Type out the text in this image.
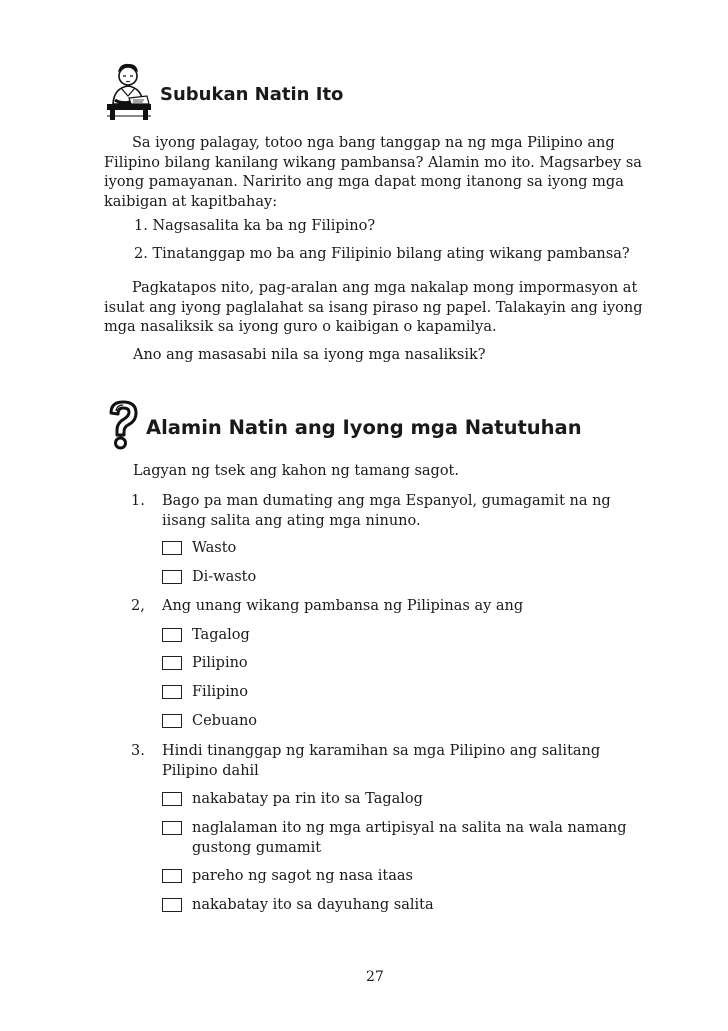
Subukan Natin Ito

Sa iyong palagay, totoo nga bang tanggap na ng mga Pilipino ang Filipino bilang kanilang wikang pambansa? Alamin mo ito. Magsarbey sa iyong pamayanan. Naririto ang mga dapat mong itanong sa iyong mga kaibigan at kapitbahay:

1. Nagsasalita ka ba ng Filipino?
2. Tinatanggap mo ba ang Filipinio bilang ating wikang pambansa?

Pagkatapos nito, pag-aralan ang mga nakalap mong impormasyon at isulat ang iyong paglalahat sa isang piraso ng papel. Talakayin ang iyong mga nasaliksik sa iyong guro o kaibigan o kapamilya.

Ano ang masasabi nila sa iyong mga nasaliksik?
Alamin Natin ang Iyong mga Natutuhan
Lagyan ng tsek ang kahon ng tamang sagot.
1. Bago pa man dumating ang mga Espanyol, gumagamit na ng iisang salita ang ating mga ninuno.
Wasto
Di-wasto
2, Ang unang wikang pambansa ng Pilipinas ay ang
Tagalog
Pilipino
Filipino
Cebuano
3. Hindi tinanggap ng karamihan sa mga Pilipino ang salitang Pilipino dahil
nakabatay pa rin ito sa Tagalog
naglalaman ito ng mga artipisyal na salita na wala namang gustong gumamit
pareho ng sagot ng nasa itaas
nakabatay ito sa dayuhang salita
27
